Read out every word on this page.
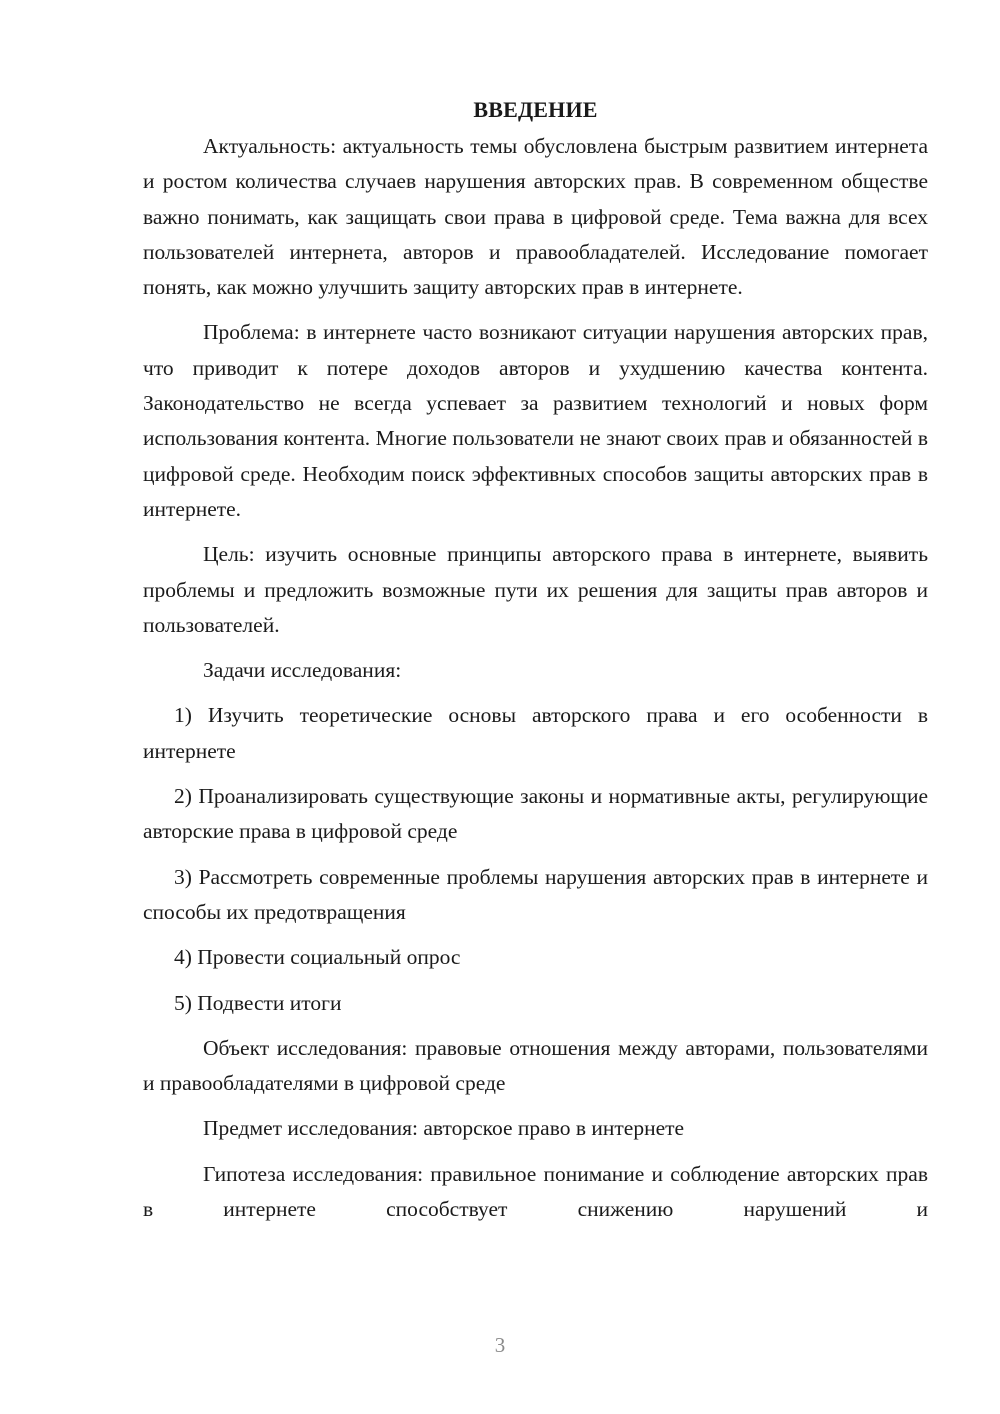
ВВЕДЕНИЕ

Актуальность: актуальность темы обусловлена быстрым развитием интернета и ростом количества случаев нарушения авторских прав. В современном обществе важно понимать, как защищать свои права в цифровой среде. Тема важна для всех пользователей интернета, авторов и правообладателей. Исследование помогает понять, как можно улучшить защиту авторских прав в интернете.

Проблема: в интернете часто возникают ситуации нарушения авторских прав, что приводит к потере доходов авторов и ухудшению качества контента. Законодательство не всегда успевает за развитием технологий и новых форм использования контента. Многие пользователи не знают своих прав и обязанностей в цифровой среде. Необходим поиск эффективных способов защиты авторских прав в интернете.

Цель: изучить основные принципы авторского права в интернете, выявить проблемы и предложить возможные пути их решения для защиты прав авторов и пользователей.

Задачи исследования:

1) Изучить теоретические основы авторского права и его особенности в интернете

2) Проанализировать существующие законы и нормативные акты, регулирующие авторские права в цифровой среде

3) Рассмотреть современные проблемы нарушения авторских прав в интернете и способы их предотвращения

4) Провести социальный опрос

5) Подвести итоги

Объект исследования: правовые отношения между авторами, пользователями и правообладателями в цифровой среде

Предмет исследования: авторское право в интернете

Гипотеза исследования: правильное понимание и соблюдение авторских прав в интернете способствует снижению нарушений и

3
